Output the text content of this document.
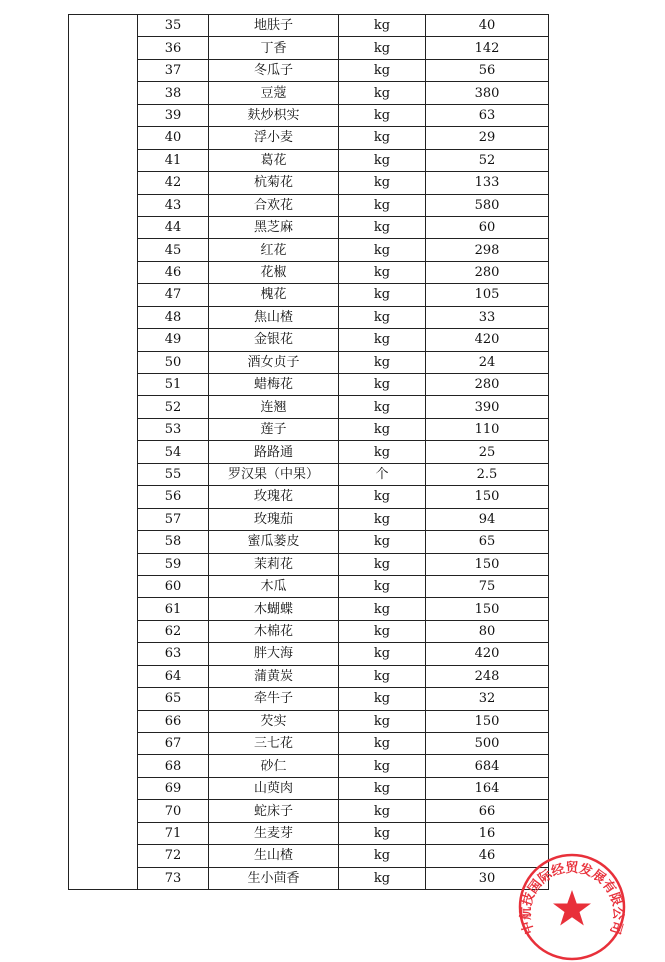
	35	地肤子	kg	40
	36	丁香	kg	142
	37	冬瓜子	kg	56
	38	豆蔻	kg	380
	39	麸炒枳实	kg	63
	40	浮小麦	kg	29
	41	葛花	kg	52
	42	杭菊花	kg	133
	43	合欢花	kg	580
	44	黑芝麻	kg	60
	45	红花	kg	298
	46	花椒	kg	280
	47	槐花	kg	105
	48	焦山楂	kg	33
	49	金银花	kg	420
	50	酒女贞子	kg	24
	51	蜡梅花	kg	280
	52	连翘	kg	390
	53	莲子	kg	110
	54	路路通	kg	25
	55	罗汉果（中果）	个	2.5
	56	玫瑰花	kg	150
	57	玫瑰茄	kg	94
	58	蜜瓜蒌皮	kg	65
	59	茉莉花	kg	150
	60	木瓜	kg	75
	61	木蝴蝶	kg	150
	62	木棉花	kg	80
	63	胖大海	kg	420
	64	蒲黄炭	kg	248
	65	牵牛子	kg	32
	66	芡实	kg	150
	67	三七花	kg	500
	68	砂仁	kg	684
	69	山萸肉	kg	164
	70	蛇床子	kg	66
	71	生麦芽	kg	16
	72	生山楂	kg	46
	73	生小茴香	kg	30
中航技国际经贸发展有限公司
